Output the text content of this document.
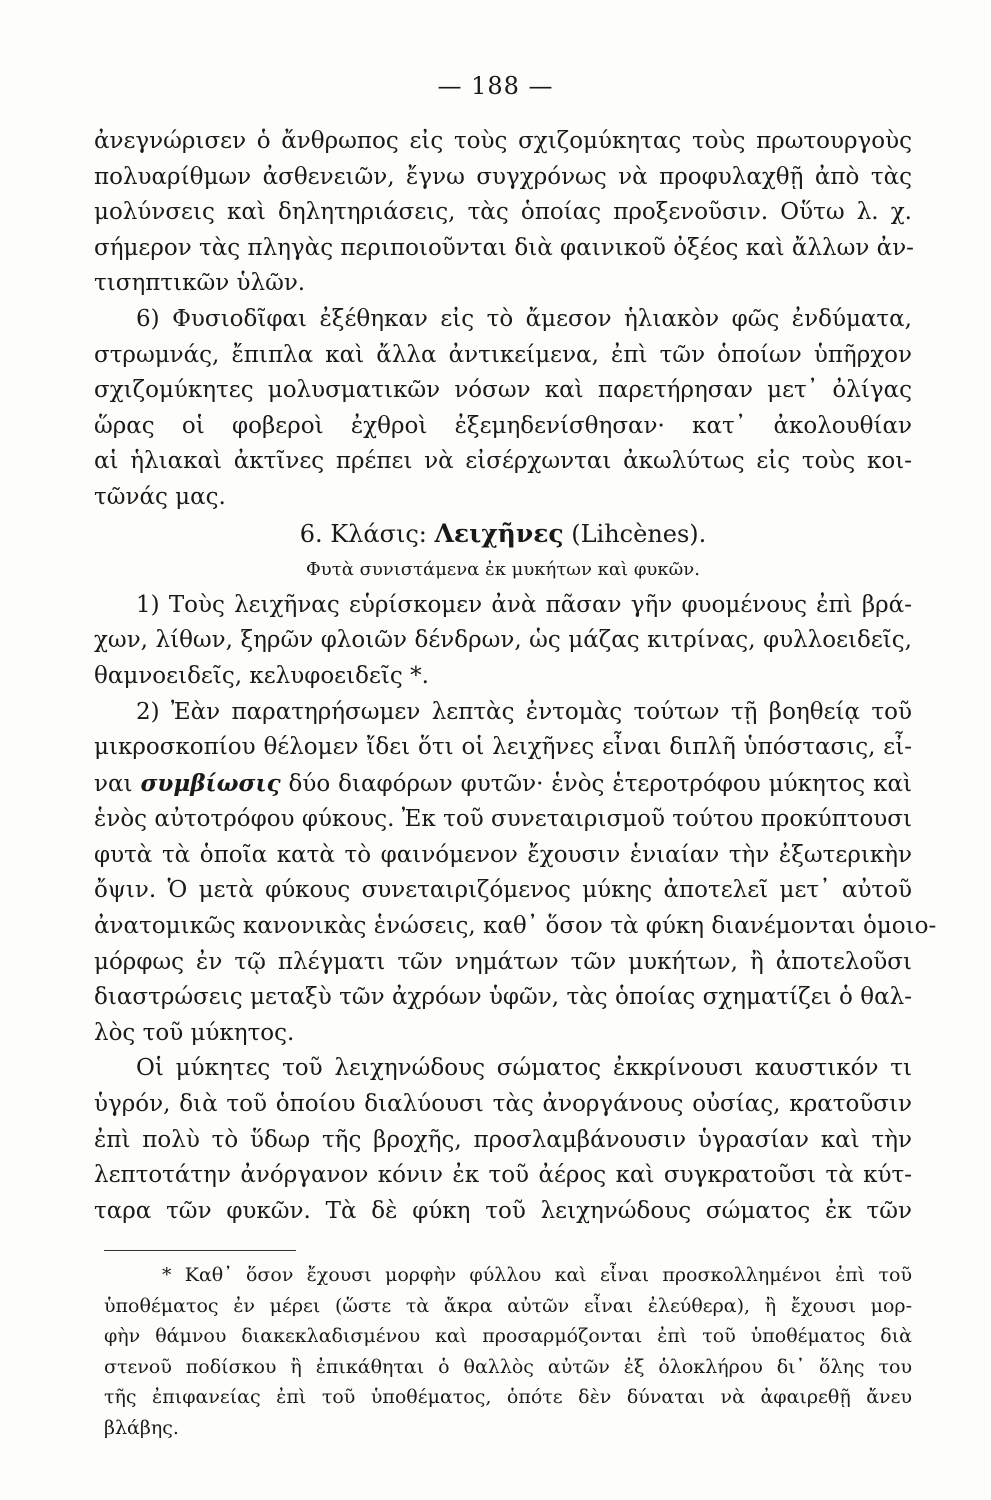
— 188 —
ἀνεγνώρισεν ὁ ἄνθρωπος εἰς τοὺς σχιζομύκητας τοὺς πρωτουργοὺς
πολυαρίθμων ἀσθενειῶν, ἔγνω συγχρόνως νὰ προφυλαχθῇ ἀπὸ τὰς
μολύνσεις καὶ δηλητηριάσεις, τὰς ὁποίας προξενοῦσιν. Οὕτω λ. χ.
σήμερον τὰς πληγὰς περιποιοῦνται διὰ φαινικοῦ ὀξέος καὶ ἄλλων ἀν-
τισηπτικῶν ὑλῶν.
6) Φυσιοδῖφαι ἐξέθηκαν εἰς τὸ ἄμεσον ἡλιακὸν φῶς ἐνδύματα,
στρωμνάς, ἔπιπλα καὶ ἄλλα ἀντικείμενα, ἐπὶ τῶν ὁποίων ὑπῆρχον
σχιζομύκητες μολυσματικῶν νόσων καὶ παρετήρησαν μετ᾽ ὀλίγας
ὥρας οἱ φοβεροὶ ἐχθροὶ ἐξεμηδενίσθησαν· κατ᾽ ἀκολουθίαν
αἱ ἡλιακαὶ ἀκτῖνες πρέπει νὰ εἰσέρχωνται ἀκωλύτως εἰς τοὺς κοι-
τῶνάς μας.
6. Κλάσις: Λειχῆνες (Lihcènes).
Φυτὰ συνιστάμενα ἐκ μυκήτων καὶ φυκῶν.
1) Τοὺς λειχῆνας εὑρίσκομεν ἀνὰ πᾶσαν γῆν φυομένους ἐπὶ βρά-
χων, λίθων, ξηρῶν φλοιῶν δένδρων, ὡς μάζας κιτρίνας, φυλλοειδεῖς,
θαμνοειδεῖς, κελυφοειδεῖς *.
2) Ἐὰν παρατηρήσωμεν λεπτὰς ἐντομὰς τούτων τῇ βοηθείᾳ τοῦ
μικροσκοπίου θέλομεν ἴδει ὅτι οἱ λειχῆνες εἶναι διπλῆ ὑπόστασις, εἶ-
ναι συμβίωσις δύο διαφόρων φυτῶν· ἑνὸς ἑτεροτρόφου μύκητος καὶ
ἑνὸς αὐτοτρόφου φύκους. Ἐκ τοῦ συνεταιρισμοῦ τούτου προκύπτουσι
φυτὰ τὰ ὁποῖα κατὰ τὸ φαινόμενον ἔχουσιν ἑνιαίαν τὴν ἐξωτερικὴν
ὄψιν. Ὁ μετὰ φύκους συνεταιριζόμενος μύκης ἀποτελεῖ μετ᾽ αὐτοῦ
ἀνατομικῶς κανονικὰς ἑνώσεις, καθ᾽ ὅσον τὰ φύκη διανέμονται ὁμοιο-
μόρφως ἐν τῷ πλέγματι τῶν νημάτων τῶν μυκήτων, ἢ ἀποτελοῦσι
διαστρώσεις μεταξὺ τῶν ἀχρόων ὑφῶν, τὰς ὁποίας σχηματίζει ὁ θαλ-
λὸς τοῦ μύκητος.
Οἱ μύκητες τοῦ λειχηνώδους σώματος ἐκκρίνουσι καυστικόν τι
ὑγρόν, διὰ τοῦ ὁποίου διαλύουσι τὰς ἀνοργάνους οὐσίας, κρατοῦσιν
ἐπὶ πολὺ τὸ ὕδωρ τῆς βροχῆς, προσλαμβάνουσιν ὑγρασίαν καὶ τὴν
λεπτοτάτην ἀνόργανον κόνιν ἐκ τοῦ ἀέρος καὶ συγκρατοῦσι τὰ κύτ-
ταρα τῶν φυκῶν. Τὰ δὲ φύκη τοῦ λειχηνώδους σώματος ἐκ τῶν
* Καθ᾽ ὅσον ἔχουσι μορφὴν φύλλου καὶ εἶναι προσκολλημένοι ἐπὶ τοῦ
ὑποθέματος ἐν μέρει (ὥστε τὰ ἄκρα αὐτῶν εἶναι ἐλεύθερα), ἢ ἔχουσι μορ-
φὴν θάμνου διακεκλαδισμένου καὶ προσαρμόζονται ἐπὶ τοῦ ὑποθέματος διὰ
στενοῦ ποδίσκου ἢ ἐπικάθηται ὁ θαλλὸς αὐτῶν ἐξ ὁλοκλήρου δι᾽ ὅλης του
τῆς ἐπιφανείας ἐπὶ τοῦ ὑποθέματος, ὁπότε δὲν δύναται νὰ ἀφαιρεθῇ ἄνευ
βλάβης.
